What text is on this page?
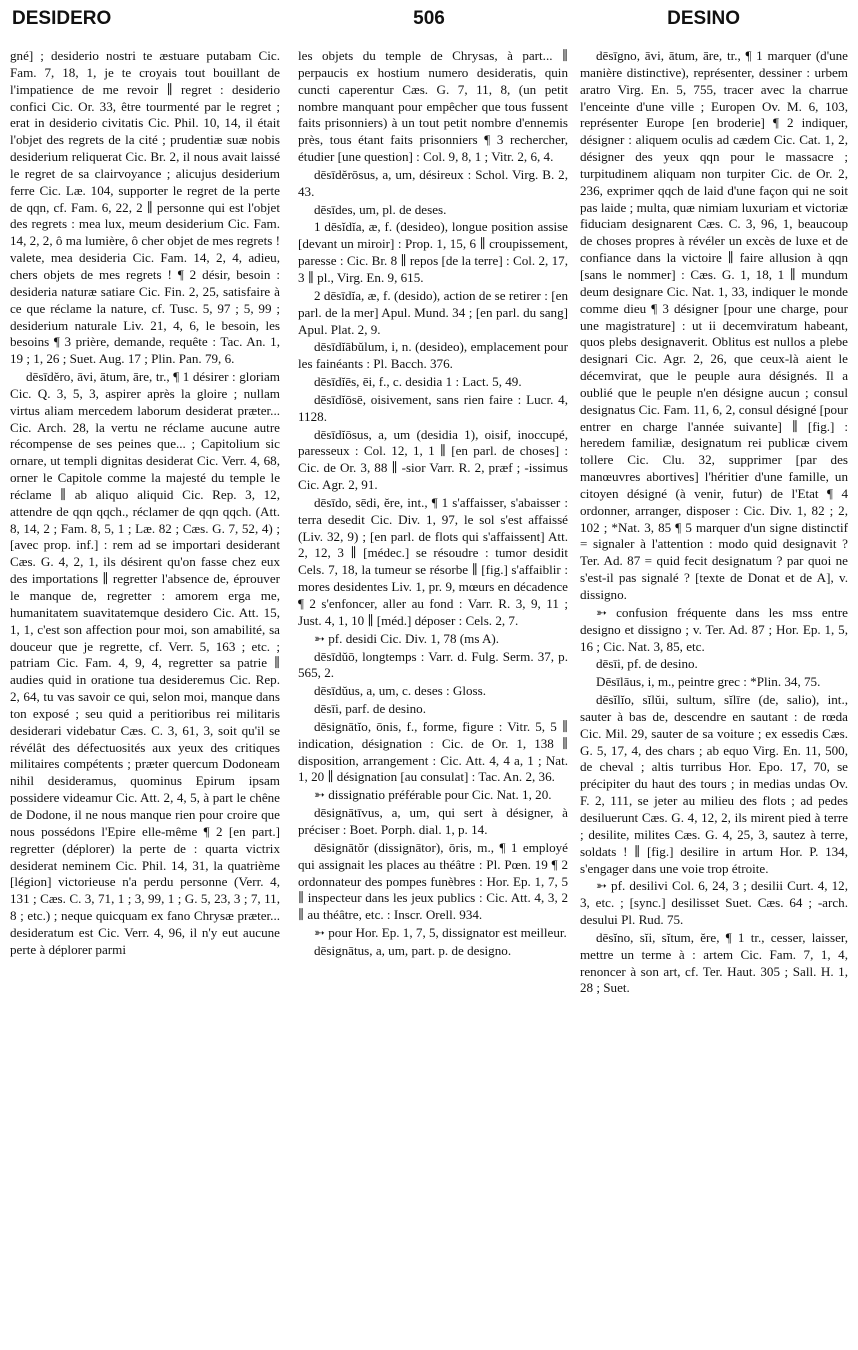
DESIDERO	506	DESINO

gné] ; desiderio nostri te æstuare putabam Cic. Fam. 7, 18, 1, je te croyais tout bouillant de l'impatience de me revoir ∥ regret : desiderio confici Cic. Or. 33, être tourmenté par le regret ; erat in desiderio civitatis Cic. Phil. 10, 14, il était l'objet des regrets de la cité ; prudentiæ suæ nobis desiderium reliquerat Cic. Br. 2, il nous avait laissé le regret de sa clairvoyance ; alicujus desiderium ferre Cic. Læ. 104, supporter le regret de la perte de qqn, cf. Fam. 6, 22, 2 ∥ personne qui est l'objet des regrets : mea lux, meum desiderium Cic. Fam. 14, 2, 2, ô ma lumière, ô cher objet de mes regrets ! valete, mea desideria Cic. Fam. 14, 2, 4, adieu, chers objets de mes regrets ! ¶ 2 désir, besoin : desideria naturæ satiare Cic. Fin. 2, 25, satisfaire à ce que réclame la nature, cf. Tusc. 5, 97 ; 5, 99 ; desiderium naturale Liv. 21, 4, 6, le besoin, les besoins ¶ 3 prière, demande, requête : Tac. An. 1, 19 ; 1, 26 ; Suet. Aug. 17 ; Plin. Pan. 79, 6.

dēsīdĕro, āvi, ātum, āre, tr., ¶ 1 désirer : gloriam Cic. Q. 3, 5, 3, aspirer après la gloire ; nullam virtus aliam mercedem laborum desiderat præter... Cic. Arch. 28, la vertu ne réclame aucune autre récompense de ses peines que... ; Capitolium sic ornare, ut templi dignitas desiderat Cic. Verr. 4, 68, orner le Capitole comme la majesté du temple le réclame ∥ ab aliquo aliquid Cic. Rep. 3, 12, attendre de qqn qqch., réclamer de qqn qqch. (Att. 8, 14, 2 ; Fam. 8, 5, 1 ; Læ. 82 ; Cæs. G. 7, 52, 4) ; [avec prop. inf.] : rem ad se importari desiderant Cæs. G. 4, 2, 1, ils désirent qu'on fasse chez eux des importations ∥ regretter l'absence de, éprouver le manque de, regretter : amorem erga me, humanitatem suavitatemque desidero Cic. Att. 15, 1, 1, c'est son affection pour moi, son amabilité, sa douceur que je regrette, cf. Verr. 5, 163 ; etc. ; patriam Cic. Fam. 4, 9, 4, regretter sa patrie ∥ audies quid in oratione tua desideremus Cic. Rep. 2, 64, tu vas savoir ce qui, selon moi, manque dans ton exposé ; seu quid a peritioribus rei militaris desiderari videbatur Cæs. C. 3, 61, 3, soit qu'il se révélât des défectuosités aux yeux des critiques militaires compétents ; præter quercum Dodoneam nihil desideramus, quominus Epirum ipsam possidere videamur Cic. Att. 2, 4, 5, à part le chêne de Dodone, il ne nous manque rien pour croire que nous possédons l'Epire elle-même ¶ 2 [en part.] regretter (déplorer) la perte de : quarta victrix desiderat neminem Cic. Phil. 14, 31, la quatrième [légion] victorieuse n'a perdu personne (Verr. 4, 131 ; Cæs. C. 3, 71, 1 ; 3, 99, 1 ; G. 5, 23, 3 ; 7, 11, 8 ; etc.) ; neque quicquam ex fano Chrysæ præter... desideratum est Cic. Verr. 4, 96, il n'y eut aucune perte à déplorer parmi

les objets du temple de Chrysas, à part... ∥ perpaucis ex hostium numero desideratis, quin cuncti caperentur Cæs. G. 7, 11, 8, (un petit nombre manquant pour empêcher que tous fussent faits prisonniers) à un tout petit nombre d'ennemis près, tous étant faits prisonniers ¶ 3 rechercher, étudier [une question] : Col. 9, 8, 1 ; Vitr. 2, 6, 4.

dēsīdĕrōsus, a, um, désireux : Schol. Virg. B. 2, 43.

dēsīdes, um, pl. de deses.

1 dēsĭdĭa, æ, f. (desideo), longue position assise [devant un miroir] : Prop. 1, 15, 6 ∥ croupissement, paresse : Cic. Br. 8 ∥ repos [de la terre] : Col. 2, 17, 3 ∥ pl., Virg. En. 9, 615.

2 dēsīdĭa, æ, f. (desido), action de se retirer : [en parl. de la mer] Apul. Mund. 34 ; [en parl. du sang] Apul. Plat. 2, 9.

dēsīdĭābŭlum, i, n. (desideo), emplacement pour les fainéants : Pl. Bacch. 376.

dēsīdĭēs, ēi, f., c. desidia 1 : Lact. 5, 49.

dēsīdĭōsē, oisivement, sans rien faire : Lucr. 4, 1128.

dēsīdĭōsus, a, um (desidia 1), oisif, inoccupé, paresseux : Col. 12, 1, 1 ∥ [en parl. de choses] : Cic. de Or. 3, 88 ∥ -sior Varr. R. 2, præf ; -issimus Cic. Agr. 2, 91.

dēsīdo, sēdi, ĕre, int., ¶ 1 s'affaisser, s'abaisser : terra desedit Cic. Div. 1, 97, le sol s'est affaissé (Liv. 32, 9) ; [en parl. de flots qui s'affaissent] Att. 2, 12, 3 ∥ [médec.] se résoudre : tumor desidit Cels. 7, 18, la tumeur se résorbe ∥ [fig.] s'affaiblir : mores desidentes Liv. 1, pr. 9, mœurs en décadence ¶ 2 s'enfoncer, aller au fond : Varr. R. 3, 9, 11 ; Just. 4, 1, 10 ∥ [méd.] déposer : Cels. 2, 7.

➳ pf. desidi Cic. Div. 1, 78 (ms A).

dēsīdŭō, longtemps : Varr. d. Fulg. Serm. 37, p. 565, 2.

dēsīdŭus, a, um, c. deses : Gloss.

dēsīi, parf. de desino.

dēsignātĭo, ōnis, f., forme, figure : Vitr. 5, 5 ∥ indication, désignation : Cic. de Or. 1, 138 ∥ disposition, arrangement : Cic. Att. 4, 4 a, 1 ; Nat. 1, 20 ∥ désignation [au consulat] : Tac. An. 2, 36.

➳ dissignatio préférable pour Cic. Nat. 1, 20.

dēsignātīvus, a, um, qui sert à désigner, à préciser : Boet. Porph. dial. 1, p. 14.

dēsignātŏr (dissignātor), ōris, m., ¶ 1 employé qui assignait les places au théâtre : Pl. Pœn. 19 ¶ 2 ordonnateur des pompes funèbres : Hor. Ep. 1, 7, 5 ∥ inspecteur dans les jeux publics : Cic. Att. 4, 3, 2 ∥ au théâtre, etc. : Inscr. Orell. 934.

➳ pour Hor. Ep. 1, 7, 5, dissignator est meilleur.

dēsignātus, a, um, part. p. de designo.

dēsīgno, āvi, ātum, āre, tr., ¶ 1 marquer (d'une manière distinctive), représenter, dessiner : urbem aratro Virg. En. 5, 755, tracer avec la charrue l'enceinte d'une ville ; Europen Ov. M. 6, 103, représenter Europe [en broderie] ¶ 2 indiquer, désigner : aliquem oculis ad cædem Cic. Cat. 1, 2, désigner des yeux qqn pour le massacre ; turpitudinem aliquam non turpiter Cic. de Or. 2, 236, exprimer qqch de laid d'une façon qui ne soit pas laide ; multa, quæ nimiam luxuriam et victoriæ fiduciam designarent Cæs. C. 3, 96, 1, beaucoup de choses propres à révéler un excès de luxe et de confiance dans la victoire ∥ faire allusion à qqn [sans le nommer] : Cæs. G. 1, 18, 1 ∥ mundum deum designare Cic. Nat. 1, 33, indiquer le monde comme dieu ¶ 3 désigner [pour une charge, pour une magistrature] : ut ii decemviratum habeant, quos plebs designaverit. Oblitus est nullos a plebe designari Cic. Agr. 2, 26, que ceux-là aient le décemvirat, que le peuple aura désignés. Il a oublié que le peuple n'en désigne aucun ; consul designatus Cic. Fam. 11, 6, 2, consul désigné [pour entrer en charge l'année suivante] ∥ [fig.] : heredem familiæ, designatum rei publicæ civem tollere Cic. Clu. 32, supprimer [par des manœuvres abortives] l'héritier d'une famille, un citoyen désigné (à venir, futur) de l'Etat ¶ 4 ordonner, arranger, disposer : Cic. Div. 1, 82 ; 2, 102 ; *Nat. 3, 85 ¶ 5 marquer d'un signe distinctif = signaler à l'attention : modo quid designavit ? Ter. Ad. 87 = quid fecit designatum ? par quoi ne s'est-il pas signalé ? [texte de Donat et de A], v. dissigno.

➳ confusion fréquente dans les mss entre designo et dissigno ; v. Ter. Ad. 87 ; Hor. Ep. 1, 5, 16 ; Cic. Nat. 3, 85, etc.

dēsīi, pf. de desino.

Dēsīlāus, i, m., peintre grec : *Plin. 34, 75.

dēsĭlĭo, sĭlŭi, sultum, sĭlīre (de, salio), int., sauter à bas de, descendre en sautant : de rœda Cic. Mil. 29, sauter de sa voiture ; ex essedis Cæs. G. 5, 17, 4, des chars ; ab equo Virg. En. 11, 500, de cheval ; altis turribus Hor. Epo. 17, 70, se précipiter du haut des tours ; in medias undas Ov. F. 2, 111, se jeter au milieu des flots ; ad pedes desiluerunt Cæs. G. 4, 12, 2, ils mirent pied à terre ; desilite, milites Cæs. G. 4, 25, 3, sautez à terre, soldats ! ∥ [fig.] desilire in artum Hor. P. 134, s'engager dans une voie trop étroite.

➳ pf. desilivi Col. 6, 24, 3 ; desilii Curt. 4, 12, 3, etc. ; [sync.] desilisset Suet. Cæs. 64 ; -arch. desului Pl. Rud. 75.

dēsĭno, sĭi, sĭtum, ĕre, ¶ 1 tr., cesser, laisser, mettre un terme à : artem Cic. Fam. 7, 1, 4, renoncer à son art, cf. Ter. Haut. 305 ; Sall. H. 1, 28 ; Suet.
